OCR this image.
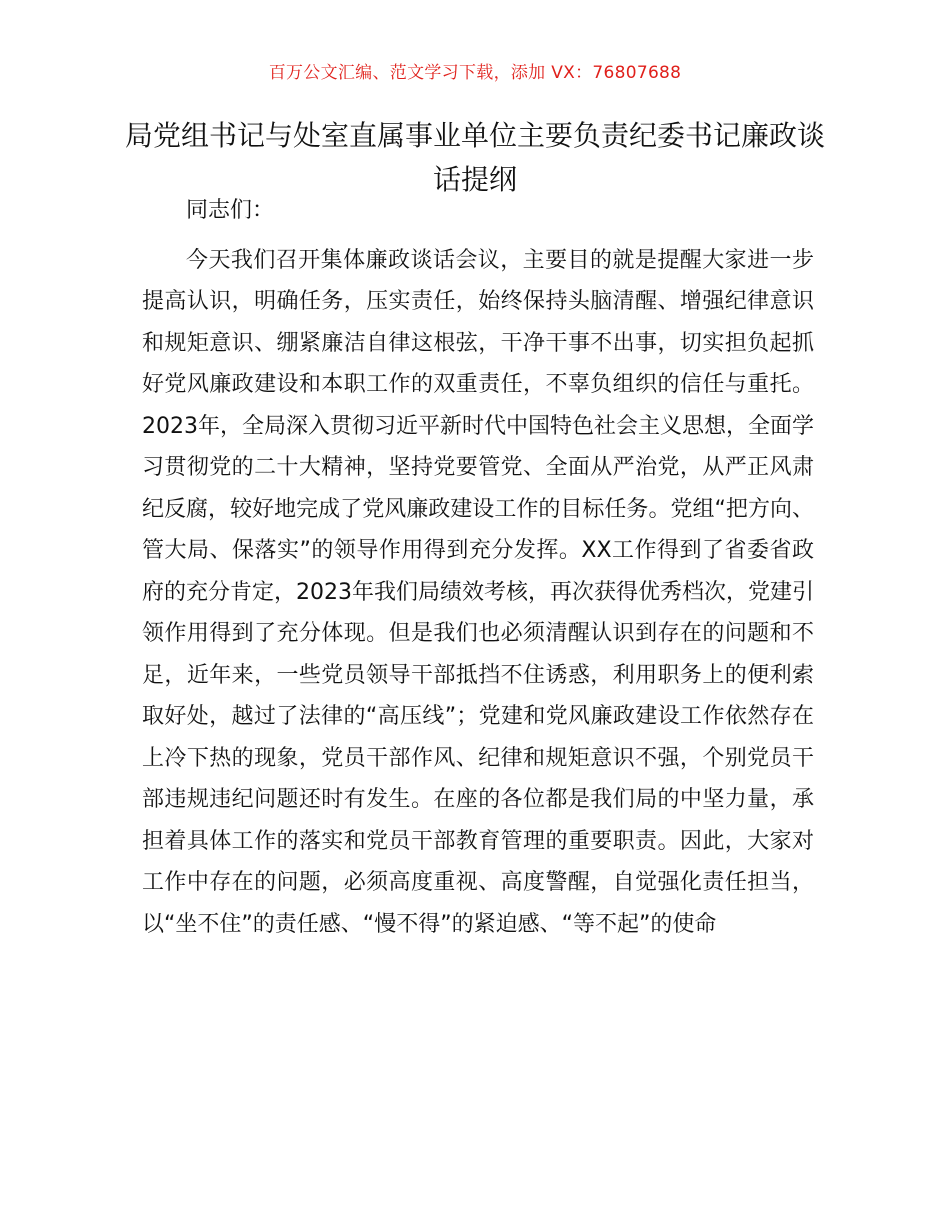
百万公文汇编、范文学习下载，添加 VX：76807688
局党组书记与处室直属事业单位主要负责纪委书记廉政谈话提纲

同志们：

今天我们召开集体廉政谈话会议，主要目的就是提醒大家进一步提高认识，明确任务，压实责任，始终保持头脑清醒、增强纪律意识和规矩意识、绷紧廉洁自律这根弦，干净干事不出事，切实担负起抓好党风廉政建设和本职工作的双重责任，不辜负组织的信任与重托。2023年，全局深入贯彻习近平新时代中国特色社会主义思想，全面学习贯彻党的二十大精神，坚持党要管党、全面从严治党，从严正风肃纪反腐，较好地完成了党风廉政建设工作的目标任务。党组“把方向、管大局、保落实”的领导作用得到充分发挥。XX工作得到了省委省政府的充分肯定，2023年我们局绩效考核，再次获得优秀档次，党建引领作用得到了充分体现。但是我们也必须清醒认识到存在的问题和不足，近年来，一些党员领导干部抵挡不住诱惑，利用职务上的便利索取好处，越过了法律的“高压线”；党建和党风廉政建设工作依然存在上冷下热的现象，党员干部作风、纪律和规矩意识不强，个别党员干部违规违纪问题还时有发生。在座的各位都是我们局的中坚力量，承担着具体工作的落实和党员干部教育管理的重要职责。因此，大家对工作中存在的问题，必须高度重视、高度警醒，自觉强化责任担当，以“坐不住”的责任感、“慢不得”的紧迫感、“等不起”的使命
